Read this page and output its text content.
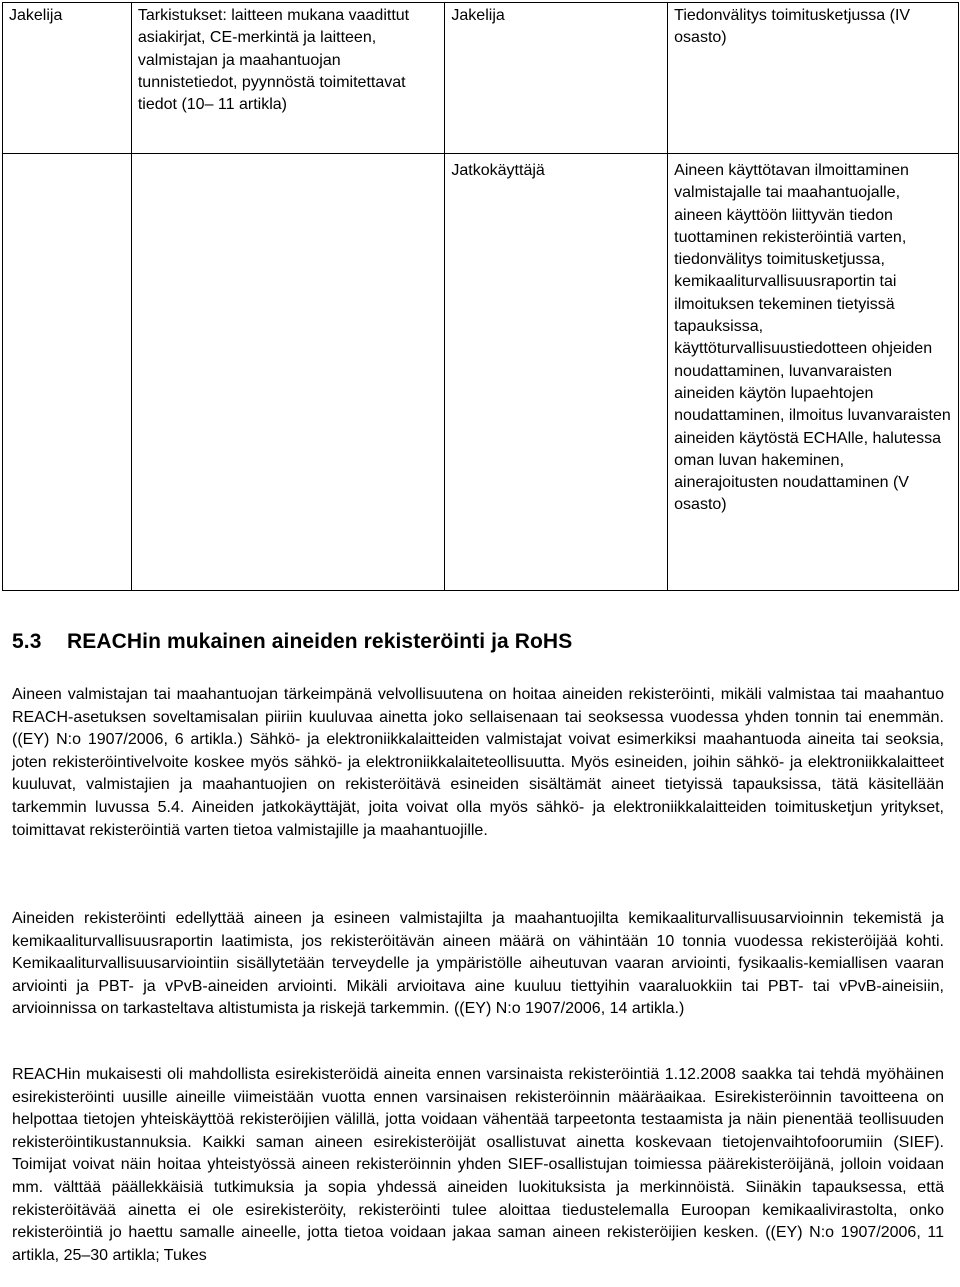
Jakelija	Tarkistukset: laitteen mukana vaadittut asiakirjat, CE-merkintä ja laitteen, valmistajan ja maahantuojan tunnistetiedot, pyynnöstä toimitettavat tiedot (10– 11 artikla)	Jakelija	Tiedonvälitys toimitusketjussa (IV osasto)
		Jatkokäyttäjä	Aineen käyttötavan ilmoittaminen valmistajalle tai maahantuojalle, aineen käyttöön liittyvän tiedon tuottaminen rekisteröintiä varten, tiedonvälitys toimitusketjussa, kemikaaliturvallisuusraportin tai ilmoituksen tekeminen tietyissä tapauksissa, käyttöturvallisuustiedotteen ohjeiden noudattaminen, luvanvaraisten aineiden käytön lupaehtojen noudattaminen, ilmoitus luvanvaraisten aineiden käytöstä ECHAlle, halutessa oman luvan hakeminen, ainerajoitusten noudattaminen (V osasto)
5.3 REACHin mukainen aineiden rekisteröinti ja RoHS

Aineen valmistajan tai maahantuojan tärkeimpänä velvollisuutena on hoitaa aineiden rekisteröinti, mikäli valmistaa tai maahantuo REACH-asetuksen soveltamisalan piiriin kuuluvaa ainetta joko sellaisenaan tai seoksessa vuodessa yhden tonnin tai enemmän. ((EY) N:o 1907/2006, 6 artikla.) Sähkö- ja elektroniikkalaitteiden valmistajat voivat esimerkiksi maahantuoda aineita tai seoksia, joten rekisteröintivelvoite koskee myös sähkö- ja elektroniikkalaiteteollisuutta. Myös esineiden, joihin sähkö- ja elektroniikkalaitteet kuuluvat, valmistajien ja maahantuojien on rekisteröitävä esineiden sisältämät aineet tietyissä tapauksissa, tätä käsitellään tarkemmin luvussa 5.4. Aineiden jatkokäyttäjät, joita voivat olla myös sähkö- ja elektroniikkalaitteiden toimitusketjun yritykset, toimittavat rekisteröintiä varten tietoa valmistajille ja maahantuojille.

Aineiden rekisteröinti edellyttää aineen ja esineen valmistajilta ja maahantuojilta kemikaaliturvallisuusarvioinnin tekemistä ja kemikaaliturvallisuusraportin laatimista, jos rekisteröitävän aineen määrä on vähintään 10 tonnia vuodessa rekisteröijää kohti. Kemikaaliturvallisuusarviointiin sisällytetään terveydelle ja ympäristölle aiheutuvan vaaran arviointi, fysikaalis-kemiallisen vaaran arviointi ja PBT- ja vPvB-aineiden arviointi. Mikäli arvioitava aine kuuluu tiettyihin vaaraluokkiin tai PBT- tai vPvB-aineisiin, arvioinnissa on tarkasteltava altistumista ja riskejä tarkemmin. ((EY) N:o 1907/2006, 14 artikla.)

REACHin mukaisesti oli mahdollista esirekisteröidä aineita ennen varsinaista rekisteröintiä 1.12.2008 saakka tai tehdä myöhäinen esirekisteröinti uusille aineille viimeistään vuotta ennen varsinaisen rekisteröinnin määräaikaa. Esirekisteröinnin tavoitteena on helpottaa tietojen yhteiskäyttöä rekisteröijien välillä, jotta voidaan vähentää tarpeetonta testaamista ja näin pienentää teollisuuden rekisteröintikustannuksia. Kaikki saman aineen esirekisteröijät osallistuvat ainetta koskevaan tietojenvaihtofoorumiin (SIEF). Toimijat voivat näin hoitaa yhteistyössä aineen rekisteröinnin yhden SIEF-osallistujan toimiessa päärekisteröijänä, jolloin voidaan mm. välttää päällekkäisiä tutkimuksia ja sopia yhdessä aineiden luokituksista ja merkinnöistä. Siinäkin tapauksessa, että rekisteröitävää ainetta ei ole esirekisteröity, rekisteröinti tulee aloittaa tiedustelemalla Euroopan kemikaalivirastolta, onko rekisteröintiä jo haettu samalle aineelle, jotta tietoa voidaan jakaa saman aineen rekisteröijien kesken. ((EY) N:o 1907/2006, 11 artikla, 25–30 artikla; Tukes
